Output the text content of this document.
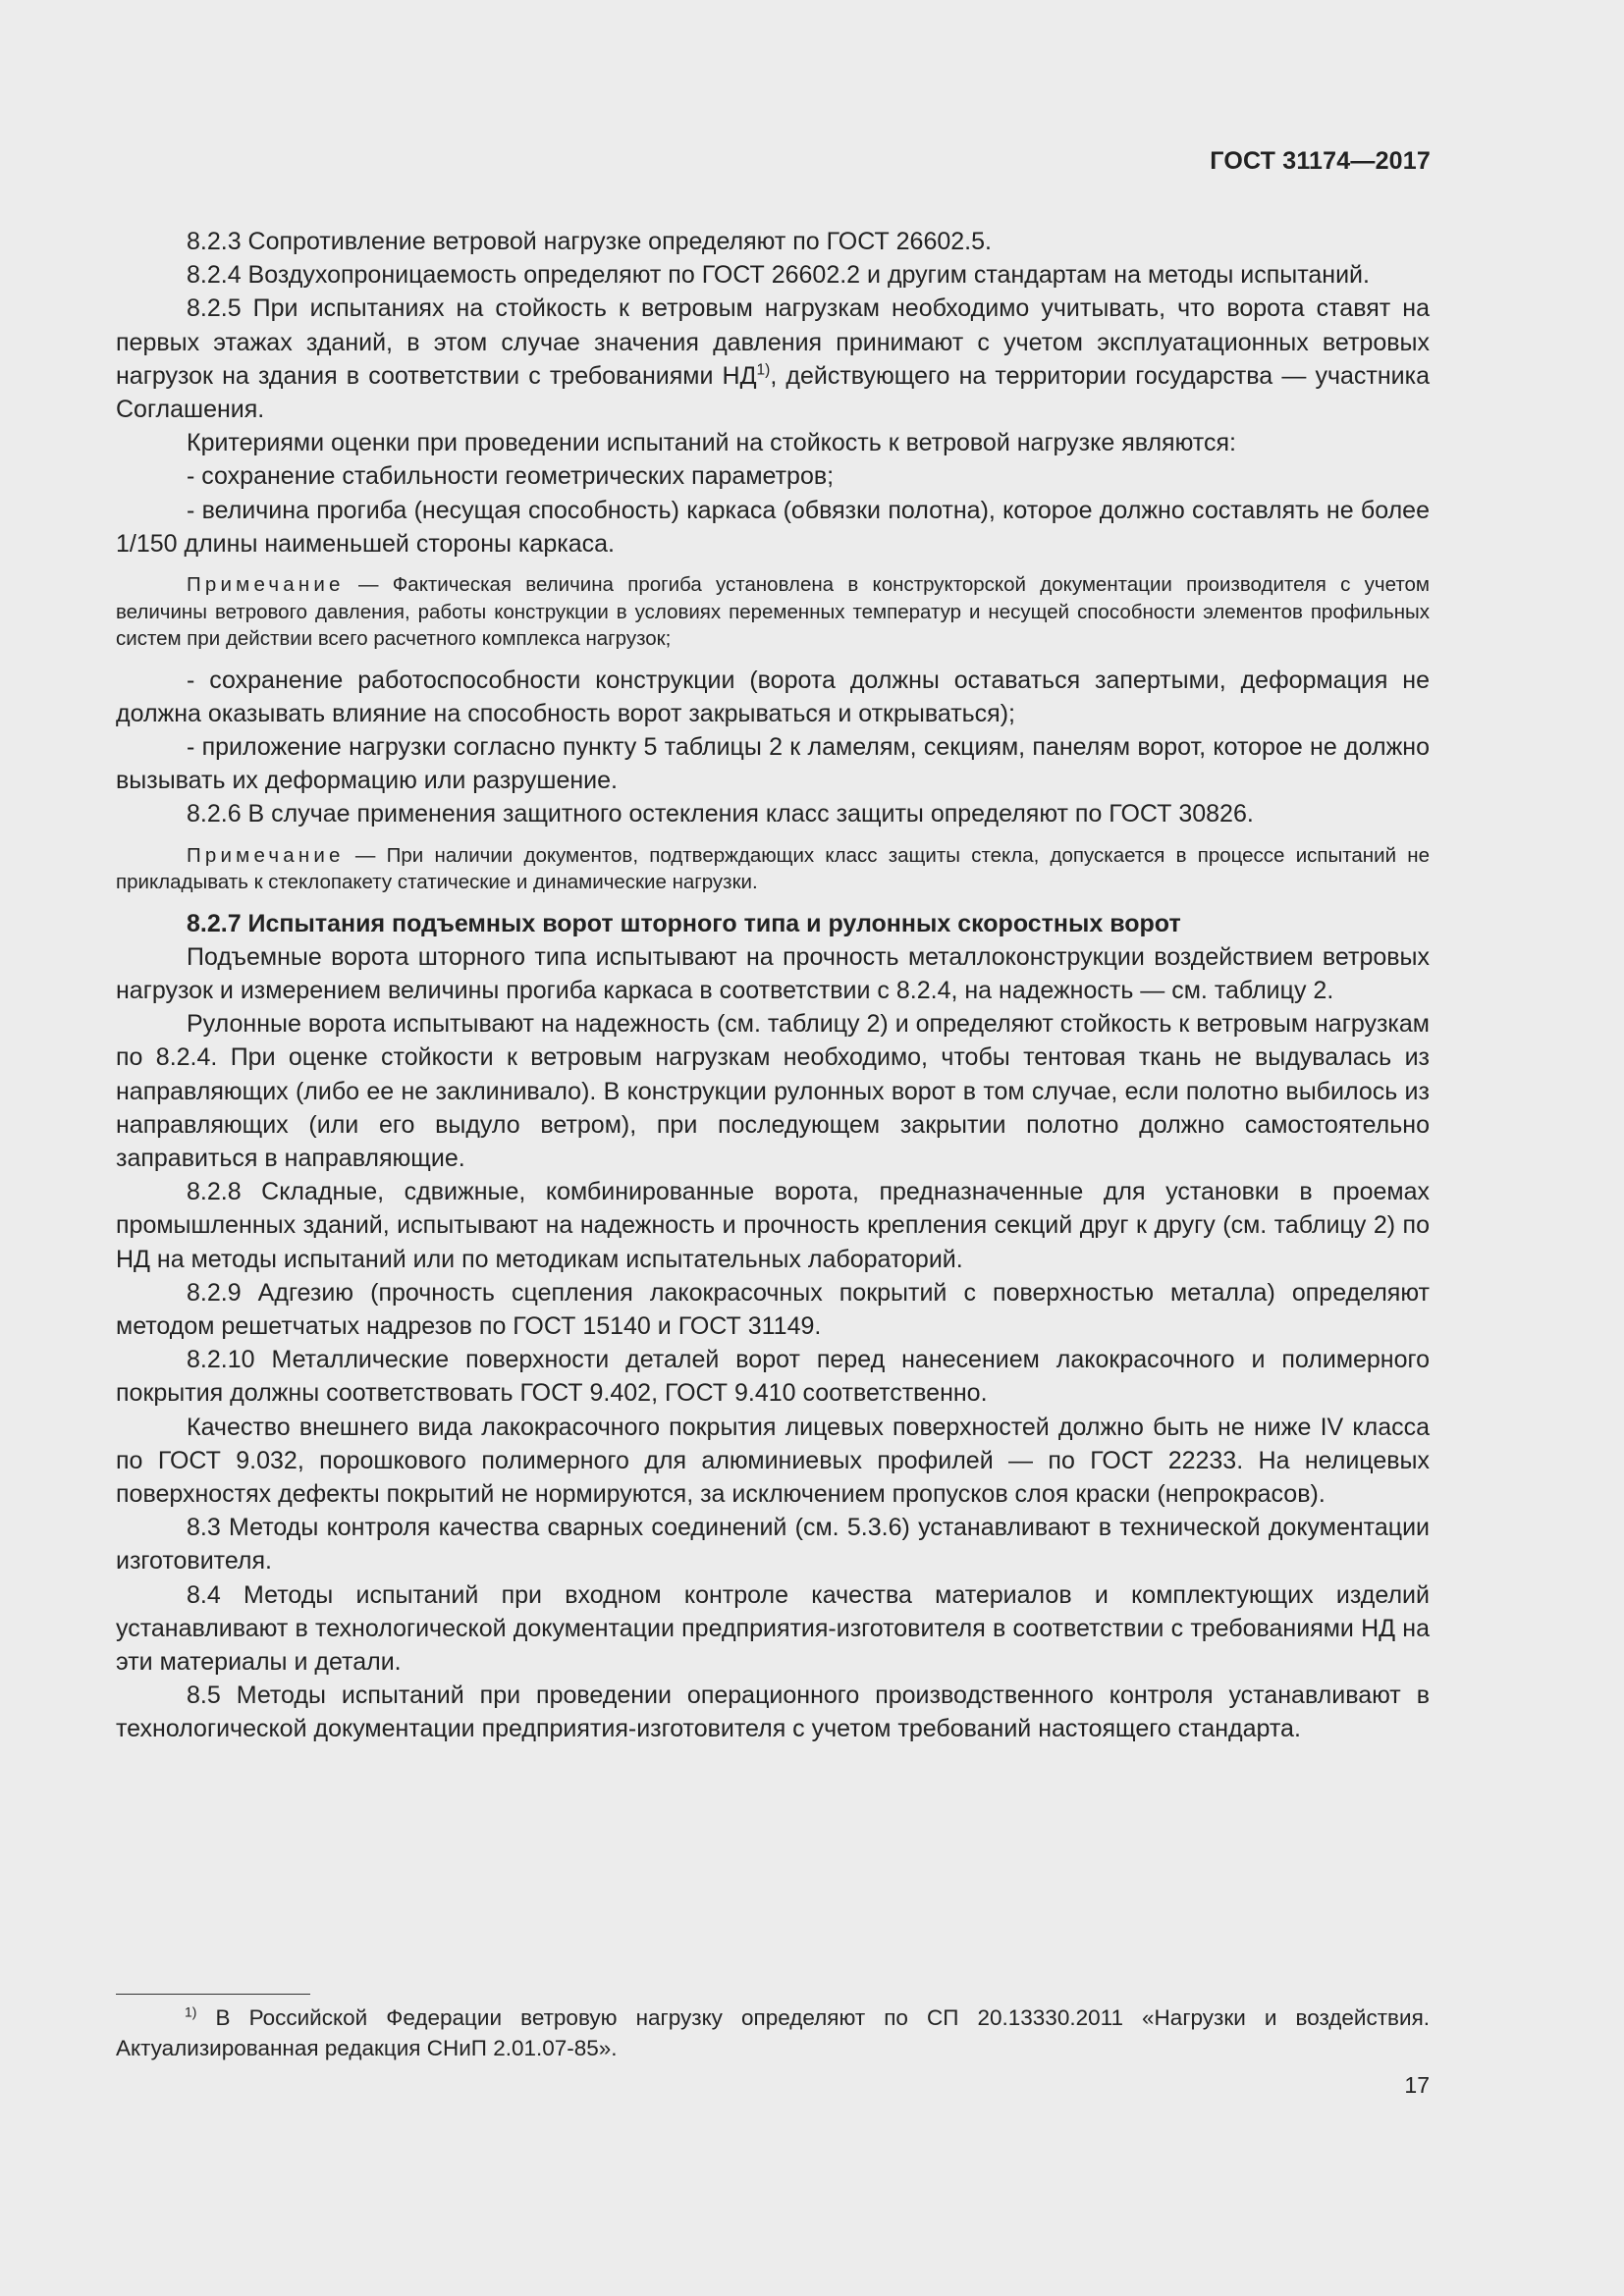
ГОСТ 31174—2017

8.2.3 Сопротивление ветровой нагрузке определяют по ГОСТ 26602.5.

8.2.4 Воздухопроницаемость определяют по ГОСТ 26602.2 и другим стандартам на методы испытаний.

8.2.5 При испытаниях на стойкость к ветровым нагрузкам необходимо учитывать, что ворота ставят на первых этажах зданий, в этом случае значения давления принимают с учетом эксплуатационных ветровых нагрузок на здания в соответствии с требованиями НД$^{1)}$, действующего на территории государства — участника Соглашения.

Критериями оценки при проведении испытаний на стойкость к ветровой нагрузке являются:

- сохранение стабильности геометрических параметров;

- величина прогиба (несущая способность) каркаса (обвязки полотна), которое должно составлять не более 1/150 длины наименьшей стороны каркаса.

Примечание — Фактическая величина прогиба установлена в конструкторской документации производителя с учетом величины ветрового давления, работы конструкции в условиях переменных температур и несущей способности элементов профильных систем при действии всего расчетного комплекса нагрузок;

- сохранение работоспособности конструкции (ворота должны оставаться запертыми, деформация не должна оказывать влияние на способность ворот закрываться и открываться);

- приложение нагрузки согласно пункту 5 таблицы 2 к ламелям, секциям, панелям ворот, которое не должно вызывать их деформацию или разрушение.

8.2.6 В случае применения защитного остекления класс защиты определяют по ГОСТ 30826.

Примечание — При наличии документов, подтверждающих класс защиты стекла, допускается в процессе испытаний не прикладывать к стеклопакету статические и динамические нагрузки.

8.2.7 Испытания подъемных ворот шторного типа и рулонных скоростных ворот

Подъемные ворота шторного типа испытывают на прочность металлоконструкции воздействием ветровых нагрузок и измерением величины прогиба каркаса в соответствии с 8.2.4, на надежность — см. таблицу 2.

Рулонные ворота испытывают на надежность (см. таблицу 2) и определяют стойкость к ветровым нагрузкам по 8.2.4. При оценке стойкости к ветровым нагрузкам необходимо, чтобы тентовая ткань не выдувалась из направляющих (либо ее не заклинивало). В конструкции рулонных ворот в том случае, если полотно выбилось из направляющих (или его выдуло ветром), при последующем закрытии полотно должно самостоятельно заправиться в направляющие.

8.2.8 Складные, сдвижные, комбинированные ворота, предназначенные для установки в проемах промышленных зданий, испытывают на надежность и прочность крепления секций друг к другу (см. таблицу 2) по НД на методы испытаний или по методикам испытательных лабораторий.

8.2.9 Адгезию (прочность сцепления лакокрасочных покрытий с поверхностью металла) определяют методом решетчатых надрезов по ГОСТ 15140 и ГОСТ 31149.

8.2.10 Металлические поверхности деталей ворот перед нанесением лакокрасочного и полимерного покрытия должны соответствовать ГОСТ 9.402, ГОСТ 9.410 соответственно.

Качество внешнего вида лакокрасочного покрытия лицевых поверхностей должно быть не ниже IV класса по ГОСТ 9.032, порошкового полимерного для алюминиевых профилей — по ГОСТ 22233. На нелицевых поверхностях дефекты покрытий не нормируются, за исключением пропусков слоя краски (непрокрасов).

8.3 Методы контроля качества сварных соединений (см. 5.3.6) устанавливают в технической документации изготовителя.

8.4 Методы испытаний при входном контроле качества материалов и комплектующих изделий устанавливают в технологической документации предприятия-изготовителя в соответствии с требованиями НД на эти материалы и детали.

8.5 Методы испытаний при проведении операционного производственного контроля устанавливают в технологической документации предприятия-изготовителя с учетом требований настоящего стандарта.

$^{1)}$ В Российской Федерации ветровую нагрузку определяют по СП 20.13330.2011 «Нагрузки и воздействия. Актуализированная редакция СНиП 2.01.07-85».
17
